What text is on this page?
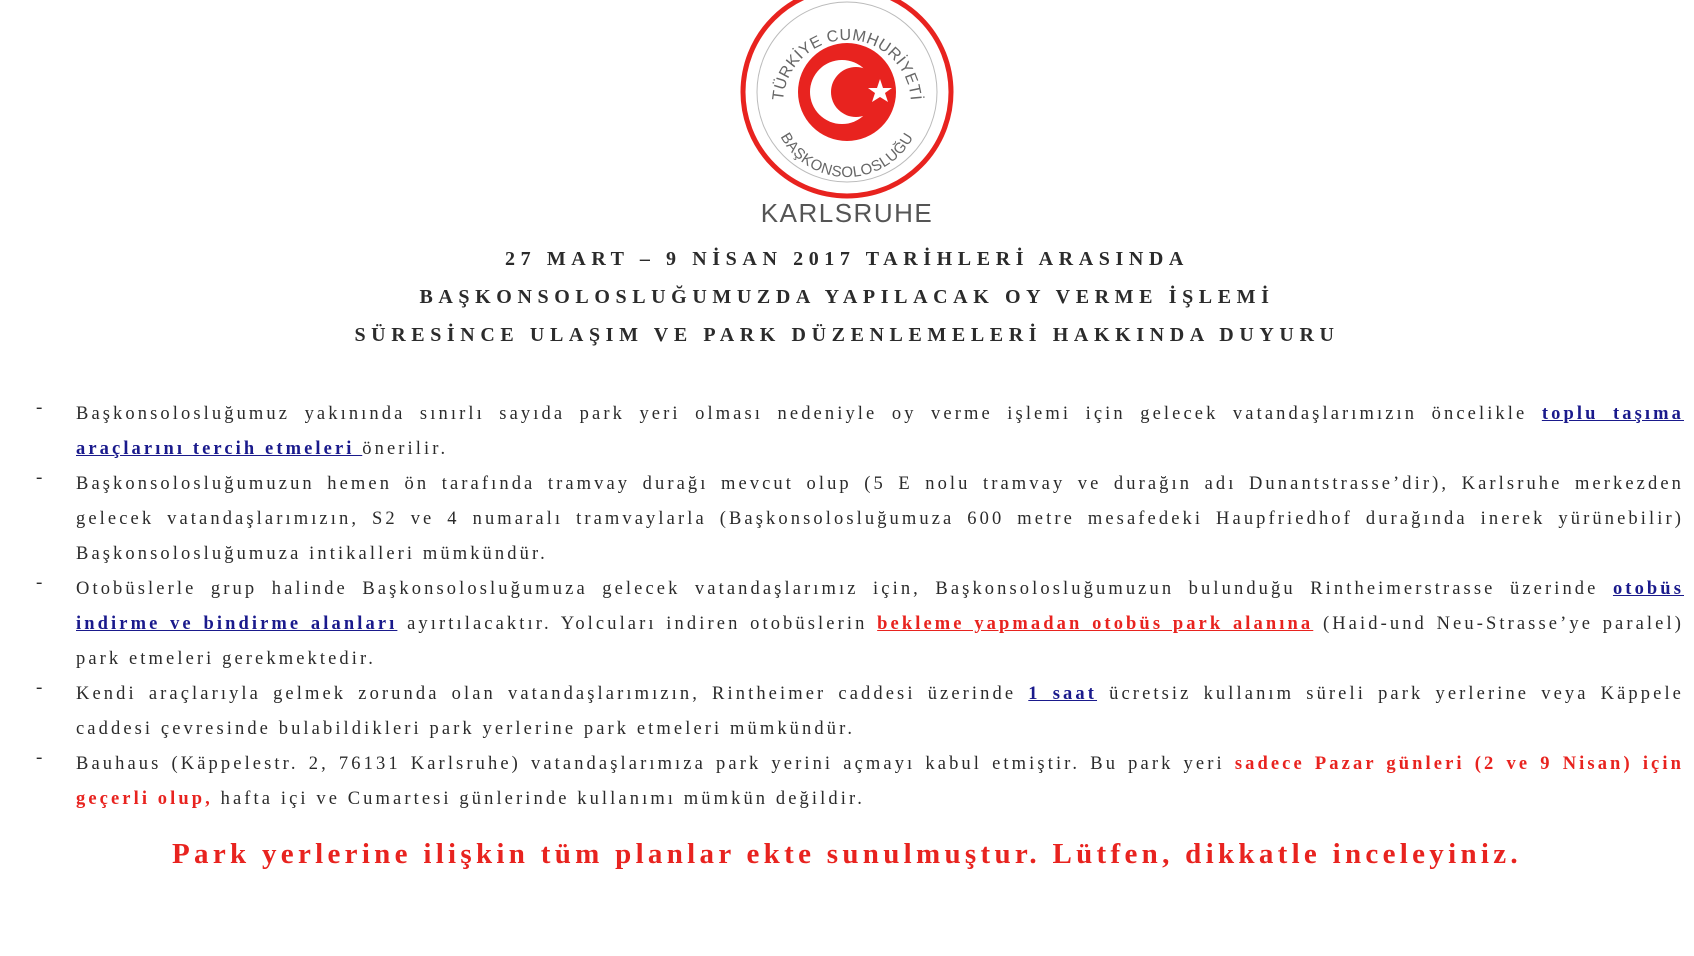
TÜRKİYE CUMHURİYETİ
BAŞKONSOLOSLUĞU
KARLSRUHE
27 MART – 9 NİSAN 2017 TARİHLERİ ARASINDA
BAŞKONSOLOSLUĞUMUZDA YAPILACAK OY VERME İŞLEMİ
SÜRESİNCE ULAŞIM VE PARK DÜZENLEMELERİ HAKKINDA DUYURU
- Başkonsolosluğumuz yakınında sınırlı sayıda park yeri olması nedeniyle oy verme işlemi için gelecek vatandaşlarımızın öncelikle toplu taşıma araçlarını tercih etmeleri önerilir.
- Başkonsolosluğumuzun hemen ön tarafında tramvay durağı mevcut olup (5 E nolu tramvay ve durağın adı Dunantstrasse’dir), Karlsruhe merkezden gelecek vatandaşlarımızın, S2 ve 4 numaralı tramvaylarla (Başkonsolosluğumuza 600 metre mesafedeki Haupfriedhof durağında inerek yürünebilir) Başkonsolosluğumuza intikalleri mümkündür.
- Otobüslerle grup halinde Başkonsolosluğumuza gelecek vatandaşlarımız için, Başkonsolosluğumuzun bulunduğu Rintheimerstrasse üzerinde otobüs indirme ve bindirme alanları ayırtılacaktır. Yolcuları indiren otobüslerin bekleme yapmadan otobüs park alanına (Haid-und Neu-Strasse’ye paralel) park etmeleri gerekmektedir.
- Kendi araçlarıyla gelmek zorunda olan vatandaşlarımızın, Rintheimer caddesi üzerinde 1 saat ücretsiz kullanım süreli park yerlerine veya Käppele caddesi çevresinde bulabildikleri park yerlerine park etmeleri mümkündür.
- Bauhaus (Käppelestr. 2, 76131 Karlsruhe) vatandaşlarımıza park yerini açmayı kabul etmiştir. Bu park yeri sadece Pazar günleri (2 ve 9 Nisan) için geçerli olup, hafta içi ve Cumartesi günlerinde kullanımı mümkün değildir.
Park yerlerine ilişkin tüm planlar ekte sunulmuştur. Lütfen, dikkatle inceleyiniz.
